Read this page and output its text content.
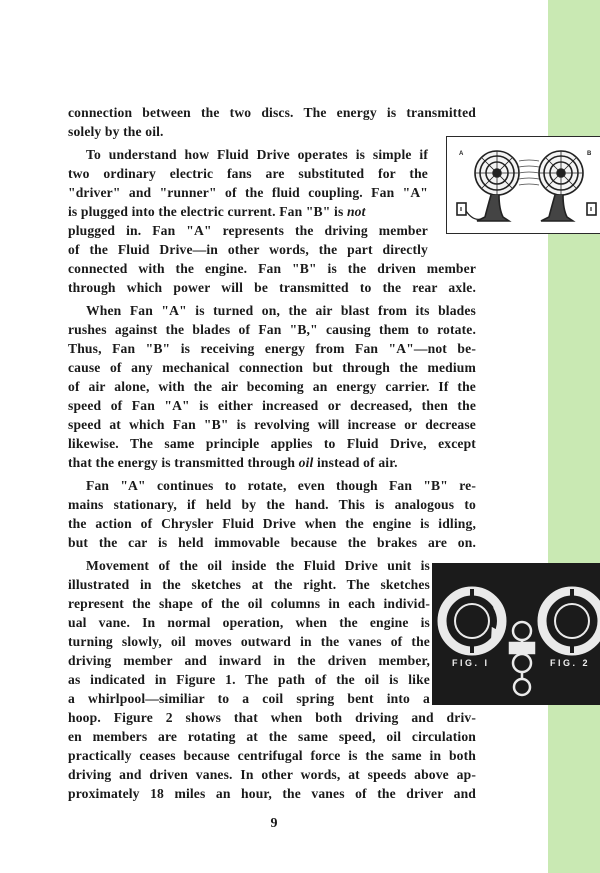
connection between the two discs. The energy is transmitted
solely by the oil.
To understand how Fluid Drive operates is simple if
two ordinary electric fans are substituted for the
"driver" and "runner" of the fluid coupling. Fan "A"
is plugged into the electric current. Fan "B" is not
plugged in. Fan "A" represents the driving member
of the Fluid Drive—in other words, the part directly
connected with the engine. Fan "B" is the driven member
through which power will be transmitted to the rear axle.
When Fan "A" is turned on, the air blast from its blades
rushes against the blades of Fan "B," causing them to rotate.
Thus, Fan "B" is receiving energy from Fan "A"—not be-
cause of any mechanical connection but through the medium
of air alone, with the air becoming an energy carrier. If the
speed of Fan "A" is either increased or decreased, then the
speed at which Fan "B" is revolving will increase or decrease
likewise. The same principle applies to Fluid Drive, except
that the energy is transmitted through oil instead of air.
Fan "A" continues to rotate, even though Fan "B" re-
mains stationary, if held by the hand. This is analogous to
the action of Chrysler Fluid Drive when the engine is idling,
but the car is held immovable because the brakes are on.
Movement of the oil inside the Fluid Drive unit is
illustrated in the sketches at the right. The sketches
represent the shape of the oil columns in each individ-
ual vane. In normal operation, when the engine is
turning slowly, oil moves outward in the vanes of the
driving member and inward in the driven member,
as indicated in Figure 1. The path of the oil is like
a whirlpool—similiar to a coil spring bent into a
hoop. Figure 2 shows that when both driving and driv-
en members are rotating at the same speed, oil circulation
practically ceases because centrifugal force is the same in both
driving and driven vanes. In other words, at speeds above ap-
proximately 18 miles an hour, the vanes of the driver and
A	B
FIG. I	FIG. 2
9
